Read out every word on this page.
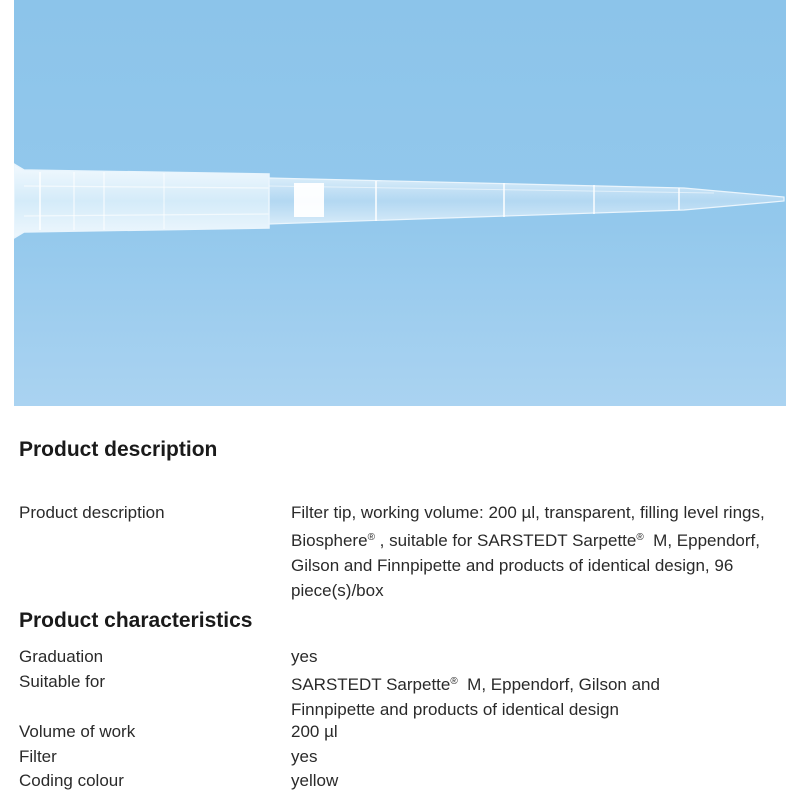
Product description
Product description	Filter tip, working volume: 200 µl, transparent, filling level rings, Biosphere® , suitable for SARSTEDT Sarpette®  M, Eppendorf, Gilson and Finnpipette and products of identical design, 96 piece(s)/box
Product characteristics
Graduation	yes
Suitable for	SARSTEDT Sarpette®  M, Eppendorf, Gilson and Finnpipette and products of identical design
Volume of work	200 µl
Filter	yes
Coding colour	yellow
